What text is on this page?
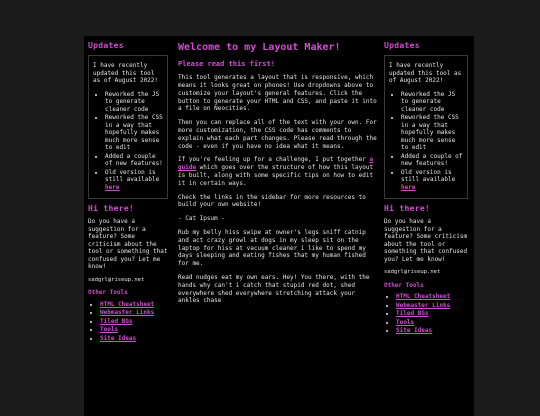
Updates

I have recently updated this tool as of August 2022!

• Reworked the JS to generate cleaner code
• Reworked the CSS in a way that hopefully makes much more sense to edit
• Added a couple of new features!
• Old version is still available here
Hi there!

Do you have a suggestion for a feature? Some criticism about the tool or something that confused you? Let me know!

sadgrl@riseup.net

Other Tools
• HTML Cheatsheet
• Webmaster Links
• Tiled BGs
• Tools
• Site Ideas
Welcome to my Layout Maker!
Please read this first!

This tool generates a layout that is responsive, which means it looks great on phones! Use dropdowns above to customize your layout's general features. Click the button to generate your HTML and CSS, and paste it into a file on Neocities.

Then you can replace all of the text with your own. For more customization, the CSS code has comments to explain what each part changes. Please read through the code - even if you have no idea what it means.

If you're feeling up for a challenge, I put together a guide which goes over the structure of how this layout is built, along with some specific tips on how to edit it in certain ways.

Check the links in the sidebar for more resources to build your own website!

- Cat Ipsum -

Rub my belly hiss swipe at owner's legs sniff catnip and act crazy growl at dogs in my sleep sit on the laptop for hiss at vacuum cleaner i like to spend my days sleeping and eating fishes that my human fished for me.

Read nudges eat my own ears. Hey! You there, with the hands why can't i catch that stupid red dot, shed everywhere shed everywhere stretching attack your ankles chase

Updates

I have recently updated this tool as of August 2022!

• Reworked the JS to generate cleaner code
• Reworked the CSS in a way that hopefully makes much more sense to edit
• Added a couple of new features!
• Old version is still available here
Hi there!

Do you have a suggestion for a feature? Some criticism about the tool or something that confused you? Let me know!

sadgrl@riseup.net

Other Tools
• HTML Cheatsheet
• Webmaster Links
• Tiled BGs
• Tools
• Site Ideas
